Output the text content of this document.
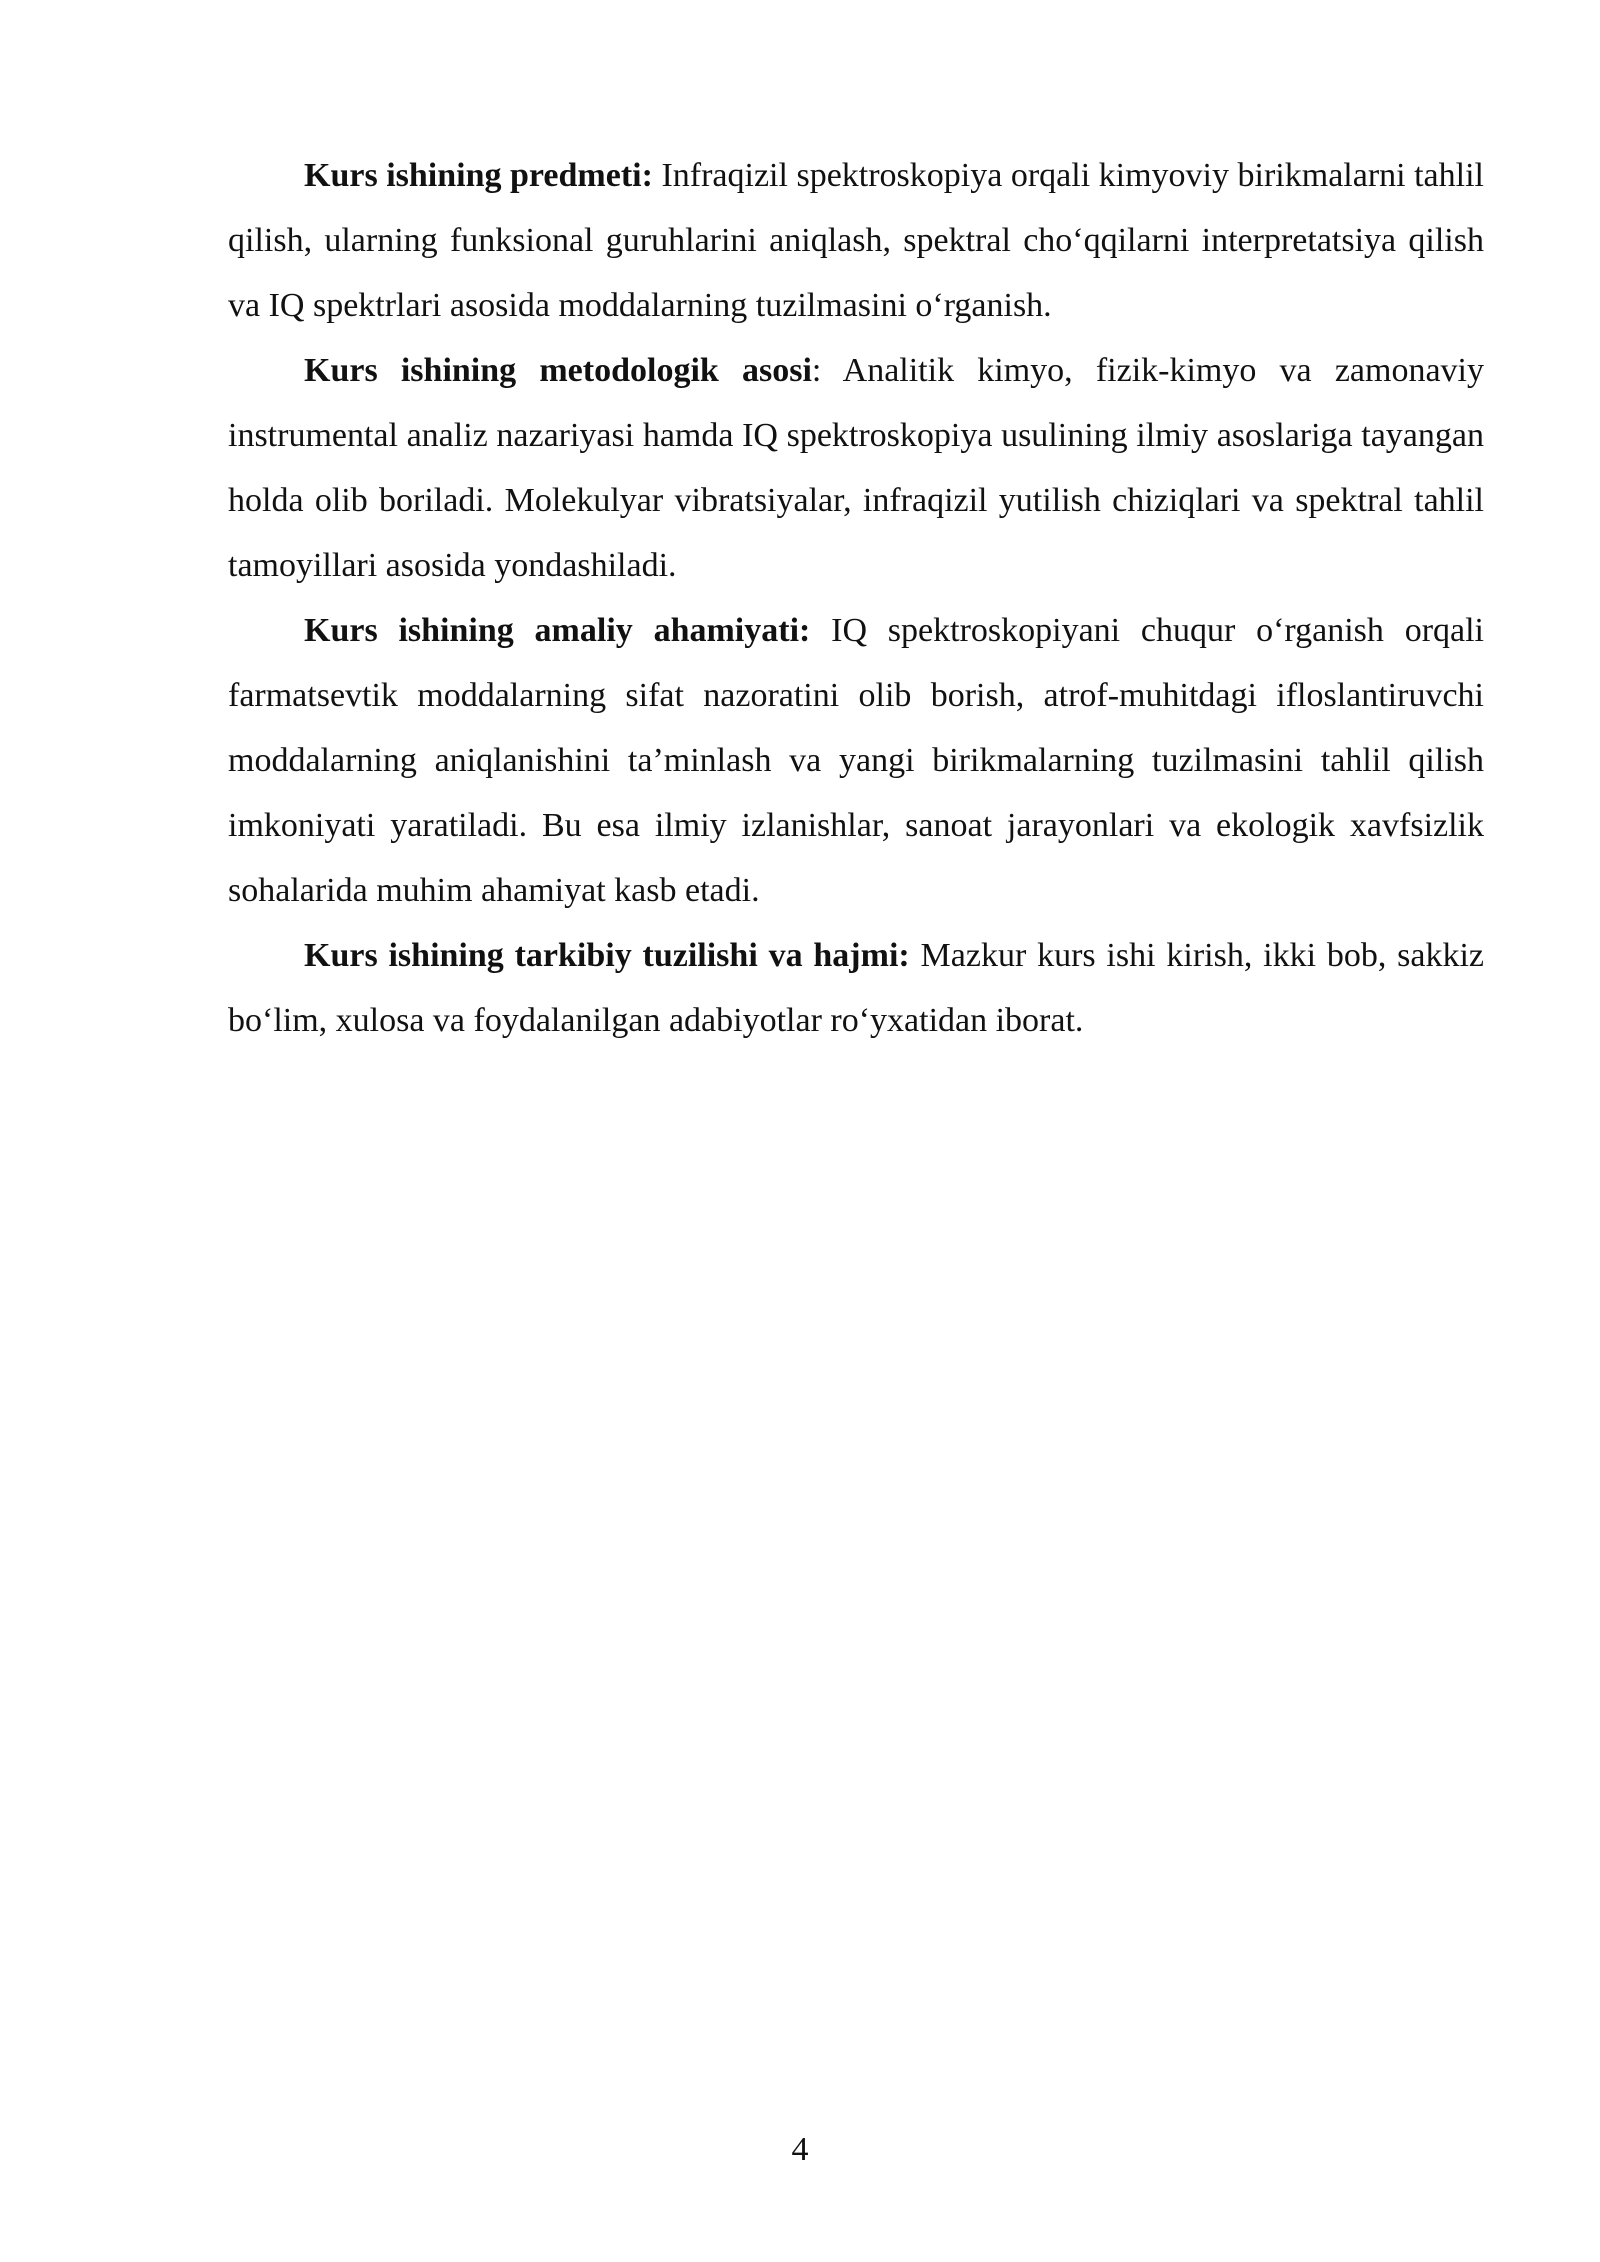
Kurs ishining predmeti: Infraqizil spektroskopiya orqali kimyoviy birikmalarni tahlil qilish, ularning funksional guruhlarini aniqlash, spektral cho‘qqilarni interpretatsiya qilish va IQ spektrlari asosida moddalarning tuzilmasini o‘rganish.

Kurs ishining metodologik asosi: Analitik kimyo, fizik-kimyo va zamonaviy instrumental analiz nazariyasi hamda IQ spektroskopiya usulining ilmiy asoslariga tayangan holda olib boriladi. Molekulyar vibratsiyalar, infraqizil yutilish chiziqlari va spektral tahlil tamoyillari asosida yondashiladi.

Kurs ishining amaliy ahamiyati: IQ spektroskopiyani chuqur o‘rganish orqali farmatsevtik moddalarning sifat nazoratini olib borish, atrof-muhitdagi ifloslantiruvchi moddalarning aniqlanishini ta’minlash va yangi birikmalarning tuzilmasini tahlil qilish imkoniyati yaratiladi. Bu esa ilmiy izlanishlar, sanoat jarayonlari va ekologik xavfsizlik sohalarida muhim ahamiyat kasb etadi.

Kurs ishining tarkibiy tuzilishi va hajmi: Mazkur kurs ishi kirish, ikki bob, sakkiz bo‘lim, xulosa va foydalanilgan adabiyotlar ro‘yxatidan iborat.

4
